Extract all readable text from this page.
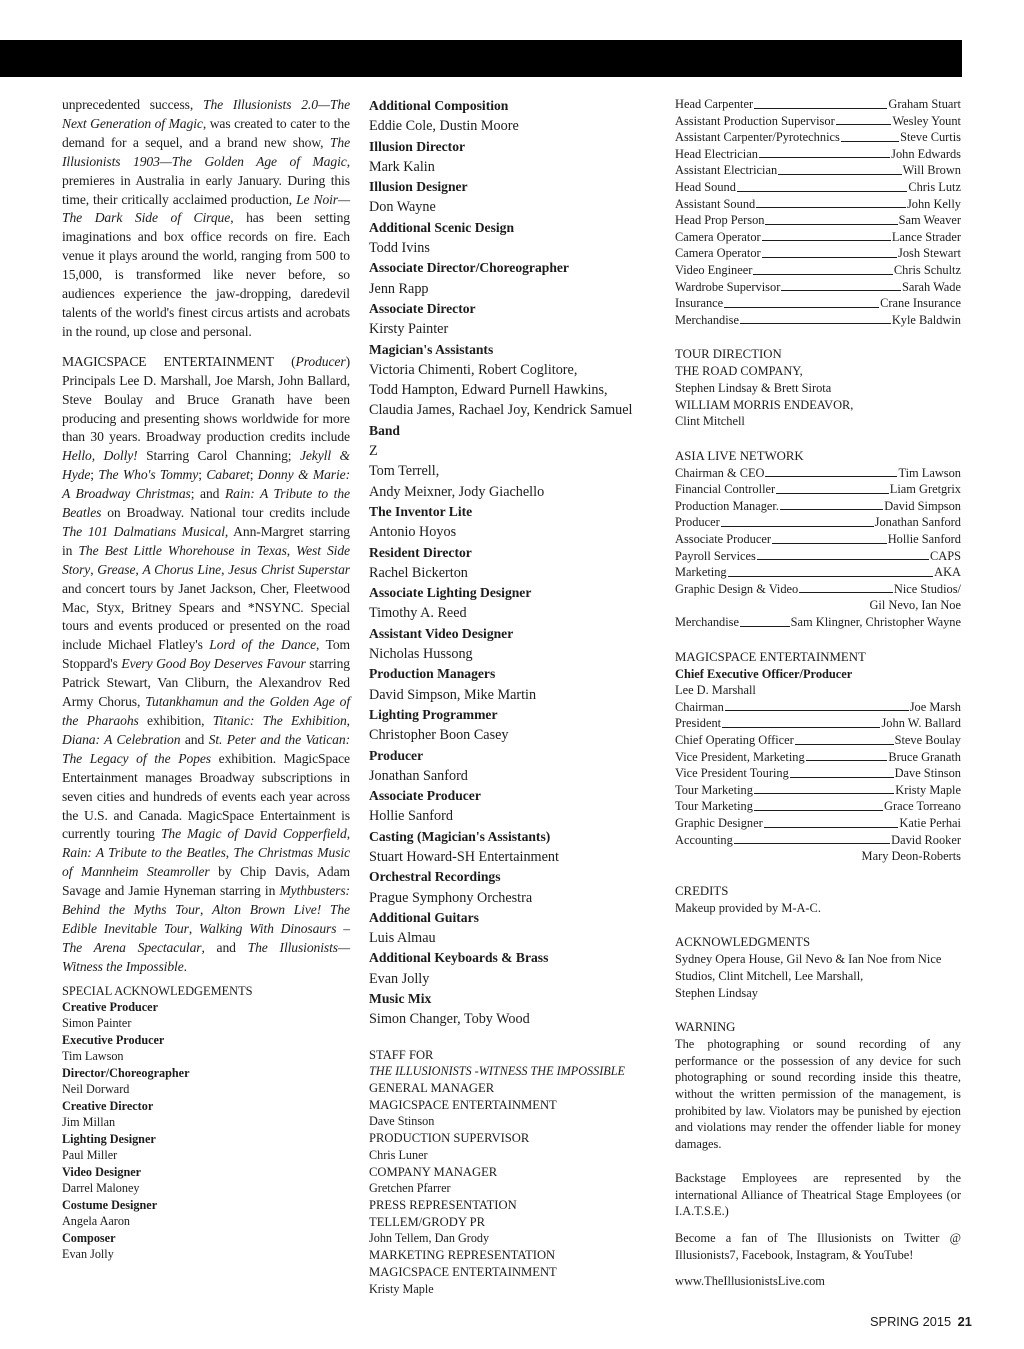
unprecedented success, The Illusionists 2.0—The Next Generation of Magic, was created to cater to the demand for a sequel, and a brand new show, The Illusionists 1903—The Golden Age of Magic, premieres in Australia in early January. During this time, their critically acclaimed production, Le Noir—The Dark Side of Cirque, has been setting imaginations and box office records on fire. Each venue it plays around the world, ranging from 500 to 15,000, is transformed like never before, so audiences experience the jaw-dropping, daredevil talents of the world's finest circus artists and acrobats in the round, up close and personal.

MAGICSPACE ENTERTAINMENT (Producer) Principals Lee D. Marshall, Joe Marsh, John Ballard, Steve Boulay and Bruce Granath have been producing and presenting shows worldwide for more than 30 years. Broadway production credits include Hello, Dolly! Starring Carol Channing; Jekyll & Hyde; The Who's Tommy; Cabaret; Donny & Marie: A Broadway Christmas; and Rain: A Tribute to the Beatles on Broadway. National tour credits include The 101 Dalmatians Musical, Ann-Margret starring in The Best Little Whorehouse in Texas, West Side Story, Grease, A Chorus Line, Jesus Christ Superstar and concert tours by Janet Jackson, Cher, Fleetwood Mac, Styx, Britney Spears and *NSYNC. Special tours and events produced or presented on the road include Michael Flatley's Lord of the Dance, Tom Stoppard's Every Good Boy Deserves Favour starring Patrick Stewart, Van Cliburn, the Alexandrov Red Army Chorus, Tutankhamun and the Golden Age of the Pharaohs exhibition, Titanic: The Exhibition, Diana: A Celebration and St. Peter and the Vatican: The Legacy of the Popes exhibition. MagicSpace Entertainment manages Broadway subscriptions in seven cities and hundreds of events each year across the U.S. and Canada. MagicSpace Entertainment is currently touring The Magic of David Copperfield, Rain: A Tribute to the Beatles, The Christmas Music of Mannheim Steamroller by Chip Davis, Adam Savage and Jamie Hyneman starring in Mythbusters: Behind the Myths Tour, Alton Brown Live! The Edible Inevitable Tour, Walking With Dinosaurs – The Arena Spectacular, and The Illusionists— Witness the Impossible.

SPECIAL ACKNOWLEDGEMENTS
Creative Producer
Simon Painter
Executive Producer
Tim Lawson
Director/Choreographer
Neil Dorward
Creative Director
Jim Millan
Lighting Designer
Paul Miller
Video Designer
Darrel Maloney
Costume Designer
Angela Aaron
Composer
Evan Jolly
Additional Composition
Eddie Cole, Dustin Moore
Illusion Director
Mark Kalin
Illusion Designer
Don Wayne
Additional Scenic Design
Todd Ivins
Associate Director/Choreographer
Jenn Rapp
Associate Director
Kirsty Painter
Magician's Assistants
Victoria Chimenti, Robert Coglitore,
Todd Hampton, Edward Purnell Hawkins,
Claudia James, Rachael Joy, Kendrick Samuel
Band
Z
Tom Terrell,
Andy Meixner, Jody Giachello
The Inventor Lite
Antonio Hoyos
Resident Director
Rachel Bickerton
Associate Lighting Designer
Timothy A. Reed
Assistant Video Designer
Nicholas Hussong
Production Managers
David Simpson, Mike Martin
Lighting Programmer
Christopher Boon Casey
Producer
Jonathan Sanford
Associate Producer
Hollie Sanford
Casting (Magician's Assistants)
Stuart Howard-SH Entertainment
Orchestral Recordings
Prague Symphony Orchestra
Additional Guitars
Luis Almau
Additional Keyboards & Brass
Evan Jolly
Music Mix
Simon Changer, Toby Wood
STAFF FOR
THE ILLUSIONISTS -WITNESS THE IMPOSSIBLE
GENERAL MANAGER
MAGICSPACE ENTERTAINMENT
Dave Stinson
PRODUCTION SUPERVISOR
Chris Luner
COMPANY MANAGER
Gretchen Pfarrer
PRESS REPRESENTATION
TELLEM/GRODY PR
John Tellem, Dan Grody
MARKETING REPRESENTATION
MAGICSPACE ENTERTAINMENT
Kristy Maple
Head Carpenter	Graham Stuart
Assistant Production Supervisor	Wesley Yount
Assistant Carpenter/Pyrotechnics	Steve Curtis
Head Electrician	John Edwards
Assistant Electrician	Will Brown
Head Sound	Chris Lutz
Assistant Sound	John Kelly
Head Prop Person	Sam Weaver
Camera Operator	Lance Strader
Camera Operator	Josh Stewart
Video Engineer	Chris Schultz
Wardrobe Supervisor	Sarah Wade
Insurance	Crane Insurance
Merchandise	Kyle Baldwin
TOUR DIRECTION
THE ROAD COMPANY,
Stephen Lindsay & Brett Sirota
WILLIAM MORRIS ENDEAVOR,
Clint Mitchell
ASIA LIVE NETWORK
Chairman & CEO	Tim Lawson
Financial Controller	Liam Gretgrix
Production Manager.	David Simpson
Producer	Jonathan Sanford
Associate Producer	Hollie Sanford
Payroll Services	CAPS
Marketing	AKA
Graphic Design & Video	Nice Studios/
Gil Nevo, Ian Noe
Merchandise	Sam Klingner, Christopher Wayne
MAGICSPACE ENTERTAINMENT
Chief Executive Officer/Producer
Lee D. Marshall
Chairman	Joe Marsh
President	John W. Ballard
Chief Operating Officer	Steve Boulay
Vice President, Marketing	Bruce Granath
Vice President Touring	Dave Stinson
Tour Marketing	Kristy Maple
Tour Marketing	Grace Torreano
Graphic Designer	Katie Perhai
Accounting	David Rooker
Mary Deon-Roberts
CREDITS
Makeup provided by M-A-C.
ACKNOWLEDGMENTS
Sydney Opera House, Gil Nevo & Ian Noe from Nice
Studios, Clint Mitchell, Lee Marshall,
Stephen Lindsay
WARNING
The photographing or sound recording of any performance or the possession of any device for such photographing or sound recording inside this theatre, without the written permission of the management, is prohibited by law. Violators may be punished by ejection and violations may render the offender liable for money damages.
Backstage Employees are represented by the international Alliance of Theatrical Stage Employees (or I.A.T.S.E.)
Become a fan of The Illusionists on Twitter @ Illusionists7, Facebook, Instagram, & YouTube!
www.TheIllusionistsLive.com
SPRING 2015 21
